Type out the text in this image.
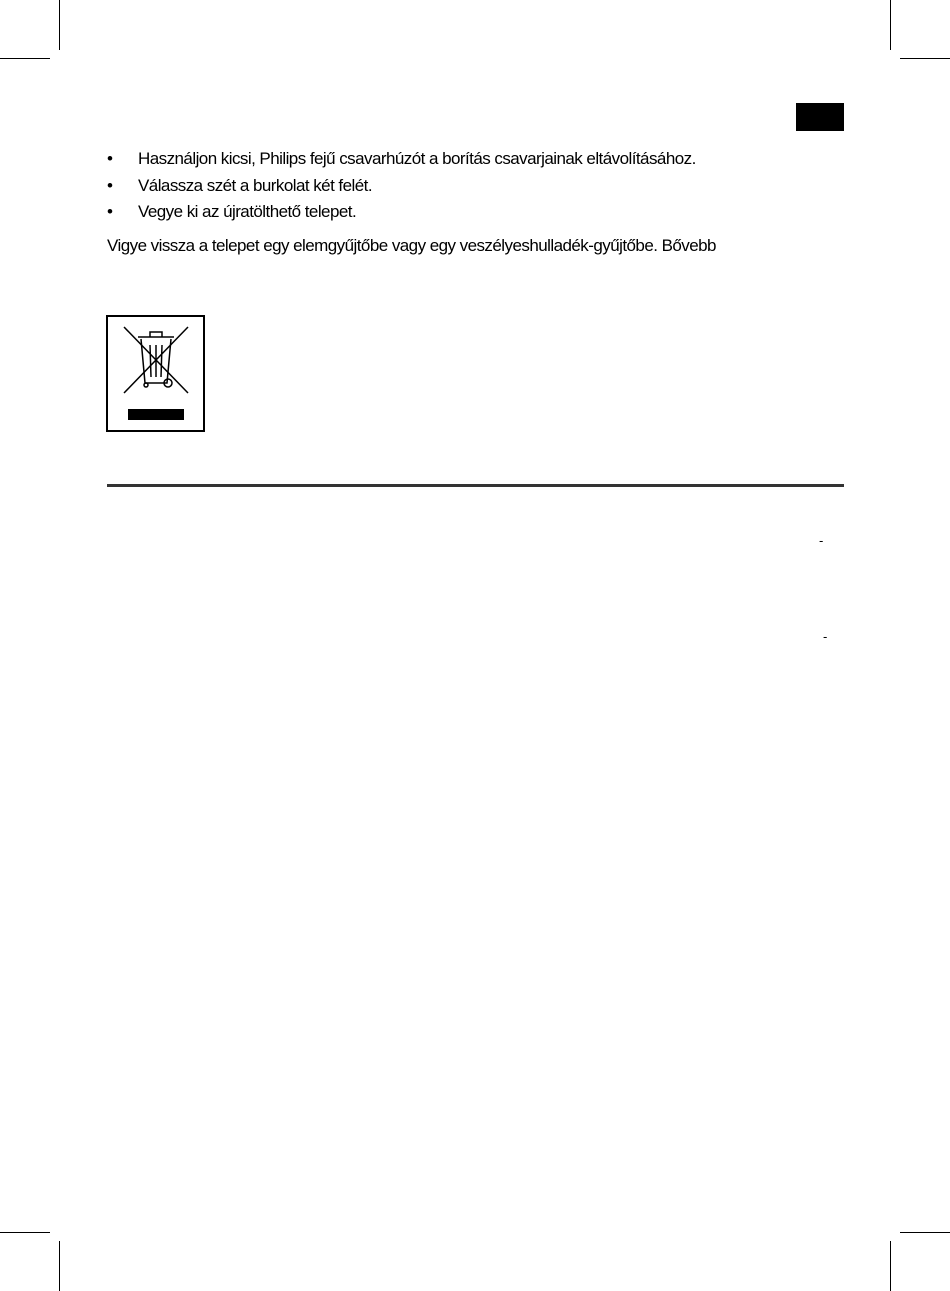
• Használjon kicsi, Philips fejű csavarhúzót a borítás csavarjainak eltávolításához.
• Válassza szét a burkolat két felét.
• Vegye ki az újratölthető telepet.

Vigye vissza a telepet egy elemgyűjtőbe vagy egy veszélyeshulladék-gyűjtőbe. Bővebb

-
-
